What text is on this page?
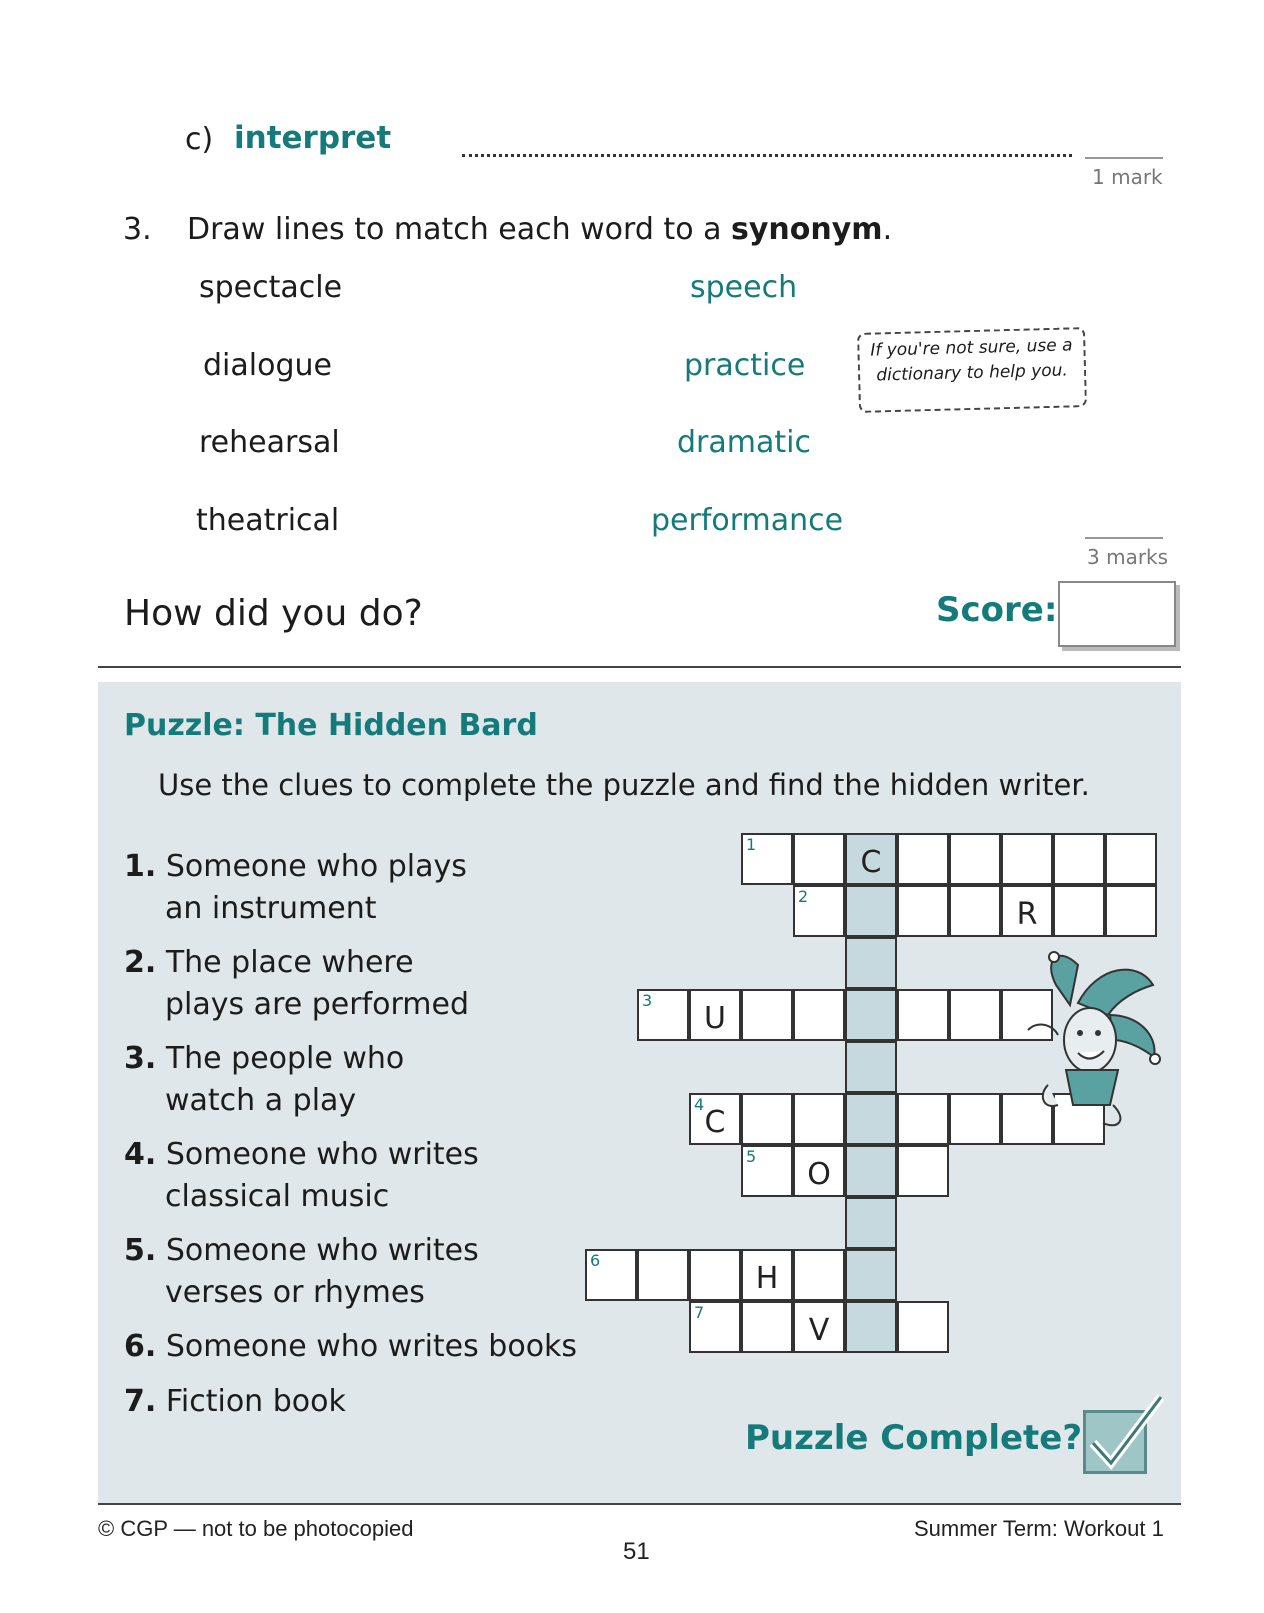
c) interpret
1 mark
3. Draw lines to match each word to a synonym.
spectacle
dialogue
rehearsal
theatrical
speech
practice
dramatic
performance
If you're not sure, use a dictionary to help you.
3 marks
How did you do?	Score:
Puzzle: The Hidden Bard
Use the clues to complete the puzzle and find the hidden writer.
1. Someone who plays
an instrument
2. The place where
plays are performed
3. The people who
watch a play
4. Someone who writes
classical music
5. Someone who writes
verses or rhymes
6. Someone who writes books
7. Fiction book
1
C
2
R
3
U
4
C
5
O
6
H
7
V
Puzzle Complete?
© CGP — not to be photocopied
51
Summer Term: Workout 1
